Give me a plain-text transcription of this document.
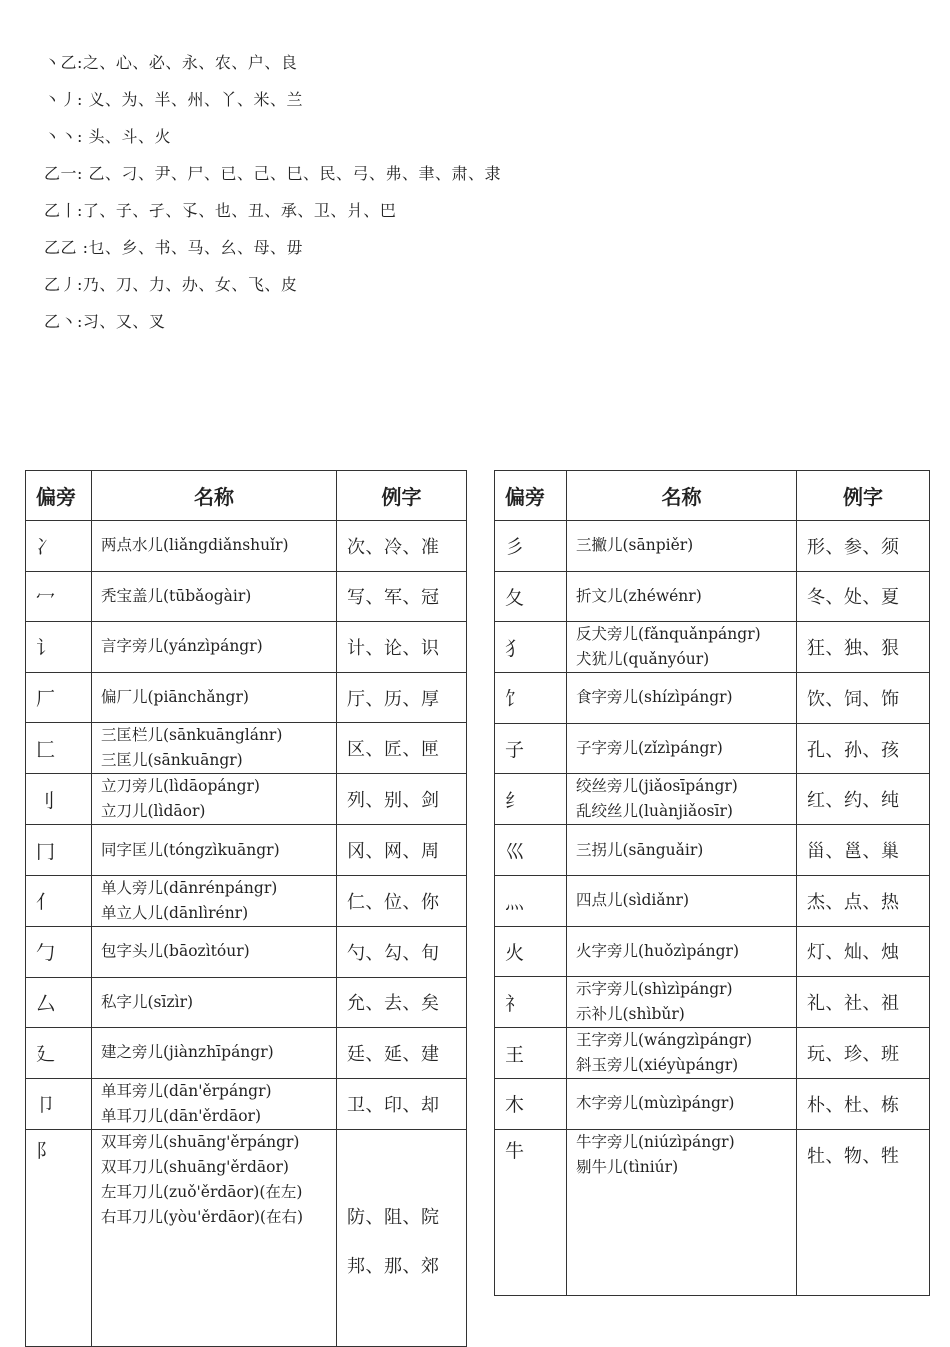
丶乙:之、心、必、永、农、户、良
丶丿: 义、为、半、州、丫、米、兰
丶丶: 头、斗、火
乙一: 乙、刁、尹、尸、已、己、巳、民、弓、弗、聿、肃、隶
乙丨:了、子、孑、孓、也、丑、承、卫、爿、巴
乙乙 :乜、乡、书、马、幺、母、毋
乙丿:乃、刀、力、办、女、飞、皮
乙丶:习、又、叉
偏旁	名称	例字
冫	两点水儿(liǎngdiǎnshuǐr)	次、冷、准
冖	秃宝盖儿(tūbǎogàir)	写、军、冠
讠	言字旁儿(yánzìpángr)	计、论、识
厂	偏厂儿(piānchǎngr)	厅、历、厚
匚	三匡栏儿(sānkuānglánr)
三匡儿(sānkuāngr)	区、匠、匣
刂	立刀旁儿(lìdāopángr)
立刀儿(lìdāor)	列、别、剑
冂	同字匡儿(tóngzìkuāngr)	冈、网、周
亻	单人旁儿(dānrénpángr)
单立人儿(dānlìrénr)	仁、位、你
勹	包字头儿(bāozìtóur)	勺、勾、旬
厶	私字儿(sīzìr)	允、去、矣
廴	建之旁儿(jiànzhīpángr)	廷、延、建
卩	单耳旁儿(dān'ěrpángr)
单耳刀儿(dān'ěrdāor)	卫、印、却
阝	双耳旁儿(shuāng'ěrpángr)
双耳刀儿(shuāng'ěrdāor)
左耳刀儿(zuǒ'ěrdāor)(在左)
右耳刀儿(yòu'ěrdāor)(在右)	防、阻、院
邦、那、郊
偏旁	名称	例字
彡	三撇儿(sānpiěr)	形、参、须
夂	折文儿(zhéwénr)	冬、处、夏
犭	反犬旁儿(fǎnquǎnpángr)
犬犹儿(quǎnyóur)	狂、独、狠
饣	食字旁儿(shízìpángr)	饮、饲、饰
子	子字旁儿(zǐzìpángr)	孔、孙、孩
纟	绞丝旁儿(jiǎosīpángr)
乱绞丝儿(luànjiǎosīr)	红、约、纯
巛	三拐儿(sānguǎir)	甾、邕、巢
灬	四点儿(sìdiǎnr)	杰、点、热
火	火字旁儿(huǒzìpángr)	灯、灿、烛
礻	示字旁儿(shìzìpángr)
示补儿(shìbǔr)	礼、社、祖
王	王字旁儿(wángzìpángr)
斜玉旁儿(xiéyùpángr)	玩、珍、班
木	木字旁儿(mùzìpángr)	朴、杜、栋
牛	牛字旁儿(niúzìpángr)
剔牛儿(tìniúr)	牡、物、牲
